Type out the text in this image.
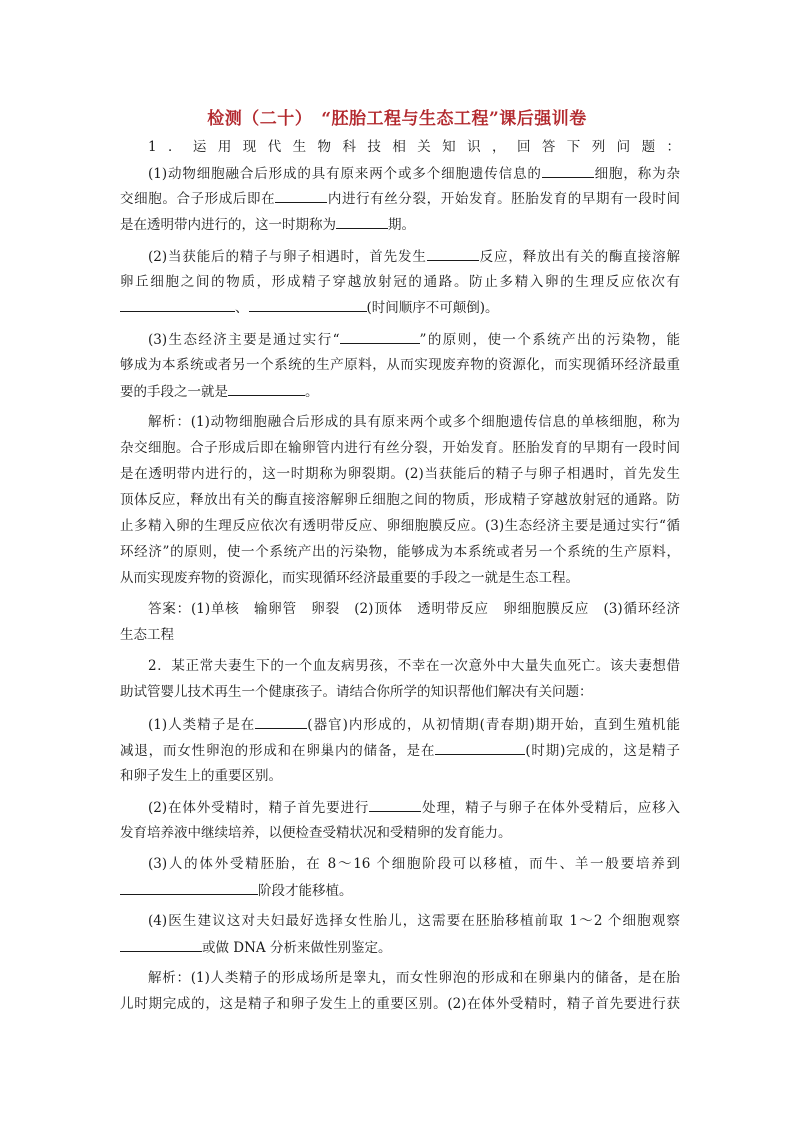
检测（二十）　“胚胎工程与生态工程”课后强训卷
1．运用现代生物科技相关知识，回答下列问题：
(1)动物细胞融合后形成的具有原来两个或多个细胞遗传信息的	细胞，称为杂
交细胞。合子形成后即在	内进行有丝分裂，开始发育。胚胎发育的早期有一段时间
是在透明带内进行的，这一时期称为	期。
(2)当获能后的精子与卵子相遇时，首先发生	反应，释放出有关的酶直接溶解
卵丘细胞之间的物质，形成精子穿越放射冠的通路。防止多精入卵的生理反应依次有
、	(时间顺序不可颠倒)。
(3)生态经济主要是通过实行“	”的原则，使一个系统产出的污染物，能
够成为本系统或者另一个系统的生产原料，从而实现废弃物的资源化，而实现循环经济最重
要的手段之一就是	。
解析：(1)动物细胞融合后形成的具有原来两个或多个细胞遗传信息的单核细胞，称为
杂交细胞。合子形成后即在输卵管内进行有丝分裂，开始发育。胚胎发育的早期有一段时间
是在透明带内进行的，这一时期称为卵裂期。(2)当获能后的精子与卵子相遇时，首先发生
顶体反应，释放出有关的酶直接溶解卵丘细胞之间的物质，形成精子穿越放射冠的通路。防
止多精入卵的生理反应依次有透明带反应、卵细胞膜反应。(3)生态经济主要是通过实行“循
环经济”的原则，使一个系统产出的污染物，能够成为本系统或者另一个系统的生产原料，
从而实现废弃物的资源化，而实现循环经济最重要的手段之一就是生态工程。
答案：(1)单核　输卵管　卵裂　(2)顶体　透明带反应　卵细胞膜反应　(3)循环经济
生态工程
2．某正常夫妻生下的一个血友病男孩，不幸在一次意外中大量失血死亡。该夫妻想借
助试管婴儿技术再生一个健康孩子。请结合你所学的知识帮他们解决有关问题：
(1)人类精子是在	(器官)内形成的，从初情期(青春期)期开始，直到生殖机能
减退，而女性卵泡的形成和在卵巢内的储备，是在	(时期)完成的，这是精子
和卵子发生上的重要区别。
(2)在体外受精时，精子首先要进行	处理，精子与卵子在体外受精后，应移入
发育培养液中继续培养，以便检查受精状况和受精卵的发育能力。
(3)人的体外受精胚胎，在 8～16 个细胞阶段可以移植，而牛、羊一般要培养到
阶段才能移植。
(4)医生建议这对夫妇最好选择女性胎儿，这需要在胚胎移植前取 1～2 个细胞观察
或做 DNA 分析来做性别鉴定。
解析：(1)人类精子的形成场所是睾丸，而女性卵泡的形成和在卵巢内的储备，是在胎
儿时期完成的，这是精子和卵子发生上的重要区别。(2)在体外受精时，精子首先要进行获
